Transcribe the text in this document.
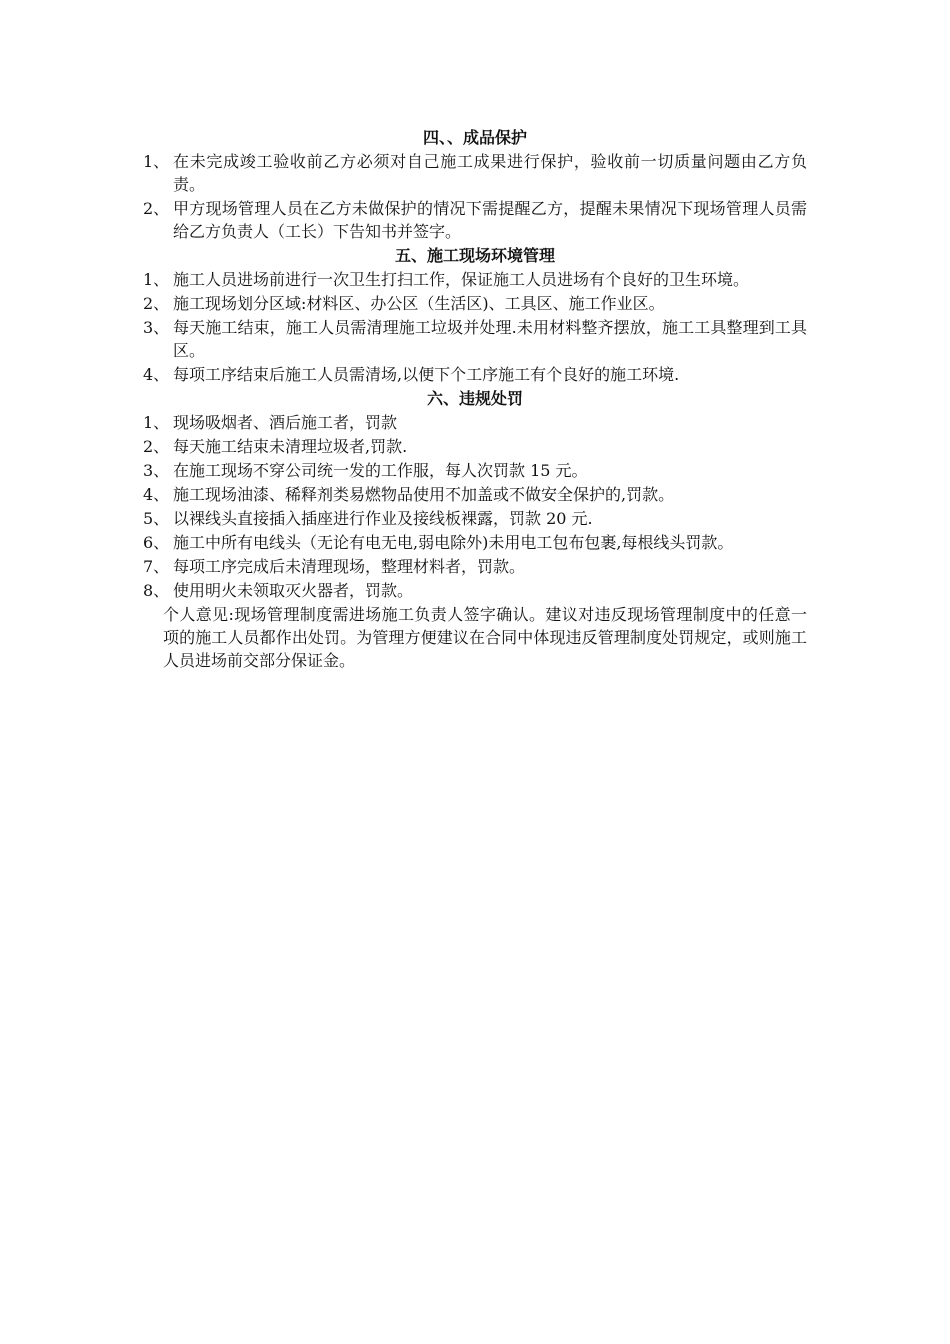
四、、成品保护
1、 在未完成竣工验收前乙方必须对自己施工成果进行保护，验收前一切质量问题由乙方负责。
2、 甲方现场管理人员在乙方未做保护的情况下需提醒乙方，提醒未果情况下现场管理人员需给乙方负责人（工长）下告知书并签字。
五、施工现场环境管理
1、 施工人员进场前进行一次卫生打扫工作，保证施工人员进场有个良好的卫生环境。
2、 施工现场划分区域:材料区、办公区（生活区)、工具区、施工作业区。
3、 每天施工结束，施工人员需清理施工垃圾并处理.未用材料整齐摆放，施工工具整理到工具区。
4、 每项工序结束后施工人员需清场,以便下个工序施工有个良好的施工环境.
六、违规处罚
1、 现场吸烟者、酒后施工者，罚款
2、 每天施工结束未清理垃圾者,罚款.
3、 在施工现场不穿公司统一发的工作服，每人次罚款 15 元。
4、 施工现场油漆、稀释剂类易燃物品使用不加盖或不做安全保护的,罚款。
5、 以裸线头直接插入插座进行作业及接线板裸露，罚款 20 元.
6、 施工中所有电线头（无论有电无电,弱电除外)未用电工包布包裹,每根线头罚款。
7、 每项工序完成后未清理现场，整理材料者，罚款。
8、 使用明火未领取灭火器者，罚款。

个人意见:现场管理制度需进场施工负责人签字确认。建议对违反现场管理制度中的任意一项的施工人员都作出处罚。为管理方便建议在合同中体现违反管理制度处罚规定，或则施工人员进场前交部分保证金。
